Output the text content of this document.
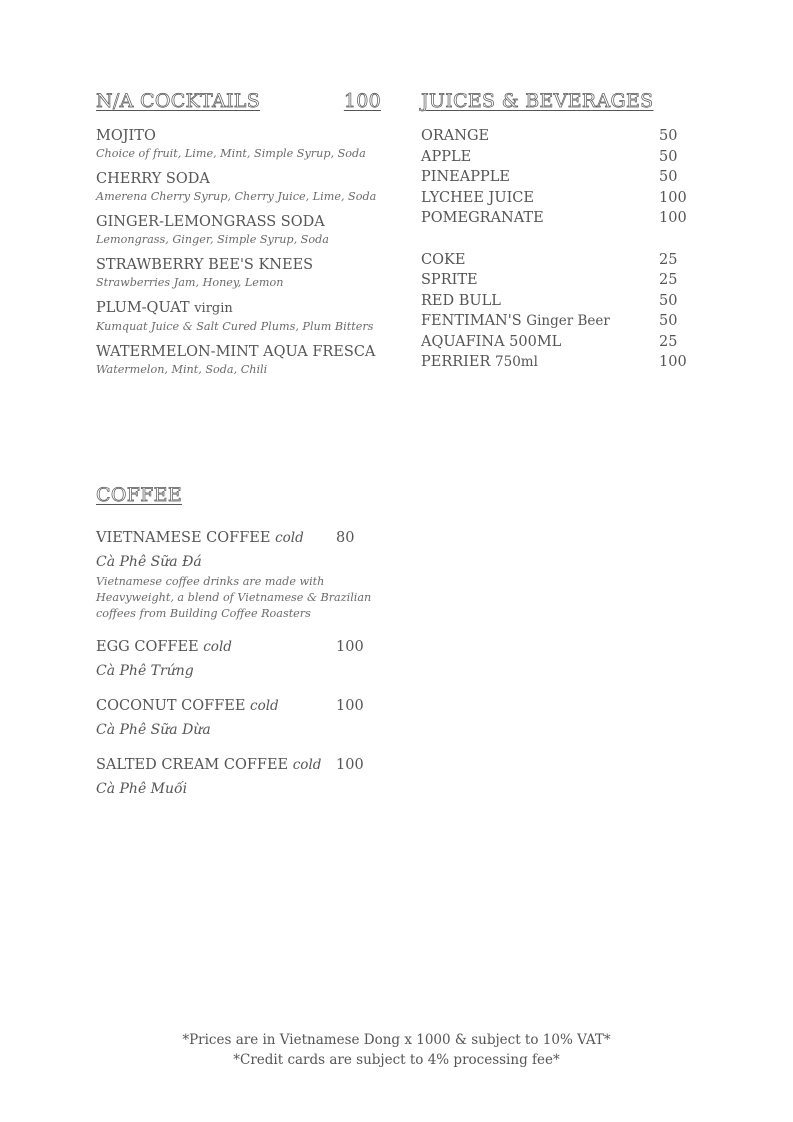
N/A COCKTAILS	100
MOJITO
Choice of fruit, Lime, Mint, Simple Syrup, Soda
CHERRY SODA
Amerena Cherry Syrup, Cherry Juice, Lime, Soda
GINGER-LEMONGRASS SODA
Lemongrass, Ginger, Simple Syrup, Soda
STRAWBERRY BEE'S KNEES
Strawberries Jam, Honey, Lemon
PLUM-QUAT virgin
Kumquat Juice & Salt Cured Plums, Plum Bitters
WATERMELON-MINT AQUA FRESCA
Watermelon, Mint, Soda, Chili
JUICES & BEVERAGES
ORANGE	50
APPLE	50
PINEAPPLE	50
LYCHEE JUICE	100
POMEGRANATE	100
COKE	25
SPRITE	25
RED BULL	50
FENTIMAN'S Ginger Beer	50
AQUAFINA 500ML	25
PERRIER 750ml	100
COFFEE
VIETNAMESE COFFEE cold 80
Cà Phê Sữa Đá
Vietnamese coffee drinks are made with Heavyweight, a blend of Vietnamese & Brazilian coffees from Building Coffee Roasters
EGG COFFEE cold	100
Cà Phê Trứng
COCONUT COFFEE cold	100
Cà Phê Sữa Dừa
SALTED CREAM COFFEE cold 100
Cà Phê Muối
*Prices are in Vietnamese Dong x 1000 & subject to 10% VAT*
*Credit cards are subject to 4% processing fee*
